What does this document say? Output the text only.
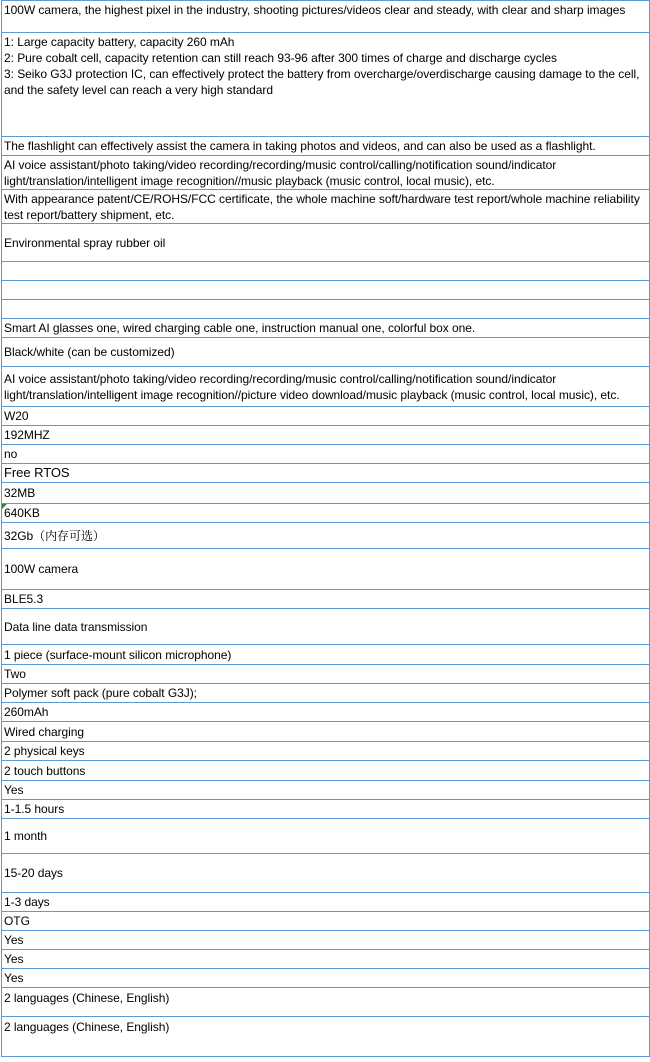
100W camera, the highest pixel in the industry, shooting pictures/videos clear and steady, with clear and sharp images
1: Large capacity battery, capacity 260 mAh
2: Pure cobalt cell, capacity retention can still reach 93-96 after 300 times of charge and discharge cycles
3: Seiko G3J protection IC, can effectively protect the battery from overcharge/overdischarge causing damage to the cell, and the safety level can reach a very high standard
The flashlight can effectively assist the camera in taking photos and videos, and can also be used as a flashlight.
AI voice assistant/photo taking/video recording/recording/music control/calling/notification sound/indicator light/translation/intelligent image recognition//music playback (music control, local music), etc.
With appearance patent/CE/ROHS/FCC certificate, the whole machine soft/hardware test report/whole machine reliability test report/battery shipment, etc.
Environmental spray rubber oil
Smart AI glasses one, wired charging cable one, instruction manual one, colorful box one.
Black/white (can be customized)
AI voice assistant/photo taking/video recording/recording/music control/calling/notification sound/indicator light/translation/intelligent image recognition//picture video download/music playback (music control, local music), etc.
W20
192MHZ
no
Free RTOS
32MB
640KB
32Gb（内存可选）
100W camera
BLE5.3
Data line data transmission
1 piece (surface-mount silicon microphone)
Two
Polymer soft pack (pure cobalt G3J);
260mAh
Wired charging
2 physical keys
2 touch buttons
Yes
1-1.5 hours
1 month
15-20 days
1-3 days
OTG
Yes
Yes
Yes
2 languages (Chinese, English)
2 languages (Chinese, English)
